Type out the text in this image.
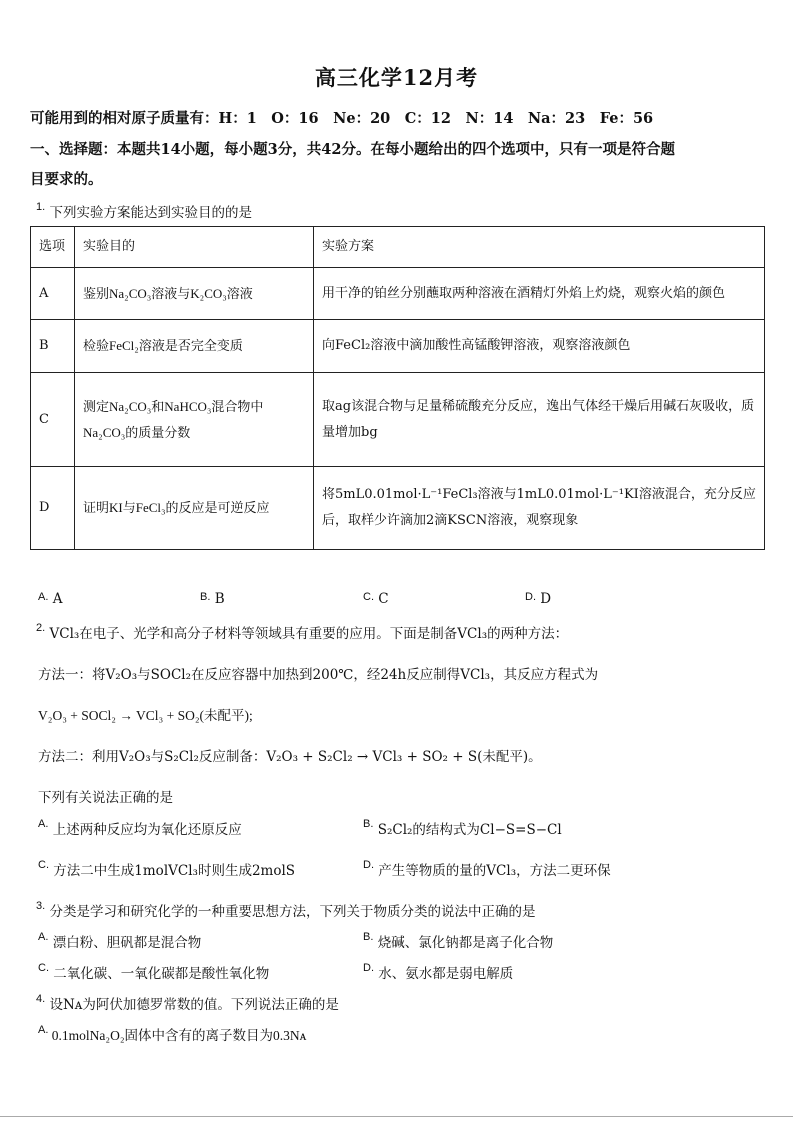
高三化学12月考
可能用到的相对原子质量有：H：1　O：16　Ne：20　C：12　N：14　Na：23　Fe：56
一、选择题：本题共14小题，每小题3分，共42分。在每小题给出的四个选项中，只有一项是符合题
目要求的。
$^{1.}$ 下列实验方案能达到实验目的的是
选项	实验目的	实验方案
A	鉴别Na₂CO₃溶液与K₂CO₃溶液	用干净的铂丝分别蘸取两种溶液在酒精灯外焰上灼烧，观察火焰的颜色
B	检验FeCl₂溶液是否完全变质	向FeCl₂溶液中滴加酸性高锰酸钾溶液，观察溶液颜色
C	测定Na₂CO₃和NaHCO₃混合物中Na₂CO₃的质量分数	取ag该混合物与足量稀硫酸充分反应，逸出气体经干燥后用碱石灰吸收，质量增加bg
D	证明KI与FeCl₃的反应是可逆反应	将5mL0.01mol·L⁻¹FeCl₃溶液与1mL0.01mol·L⁻¹KI溶液混合，充分反应后，取样少许滴加2滴KSCN溶液，观察现象
$^{A.}$ A	$^{B.}$ B	$^{C.}$ C	$^{D.}$ D
$^{2.}$ VCl₃在电子、光学和高分子材料等领域具有重要的应用。下面是制备VCl₃的两种方法：
方法一：将V₂O₃与SOCl₂在反应容器中加热到200℃，经24h反应制得VCl₃，其反应方程式为
V₂O₃ + SOCl₂ → VCl₃ + SO₂(未配平);
方法二：利用V₂O₃与S₂Cl₂反应制备：V₂O₃ + S₂Cl₂ → VCl₃ + SO₂ + S(未配平)。
下列有关说法正确的是
$^{A.}$ 上述两种反应均为氧化还原反应	$^{B.}$ S₂Cl₂的结构式为Cl−S=S−Cl
$^{C.}$ 方法二中生成1molVCl₃时则生成2molS	$^{D.}$ 产生等物质的量的VCl₃，方法二更环保
$^{3.}$ 分类是学习和研究化学的一种重要思想方法，下列关于物质分类的说法中正确的是
$^{A.}$ 漂白粉、胆矾都是混合物	$^{B.}$ 烧碱、氯化钠都是离子化合物
$^{C.}$ 二氧化碳、一氧化碳都是酸性氧化物	$^{D.}$ 水、氨水都是弱电解质
$^{4.}$ 设Nᴀ为阿伏加德罗常数的值。下列说法正确的是
$^{A.}$ 0.1molNa₂O₂固体中含有的离子数目为0.3Nᴀ
